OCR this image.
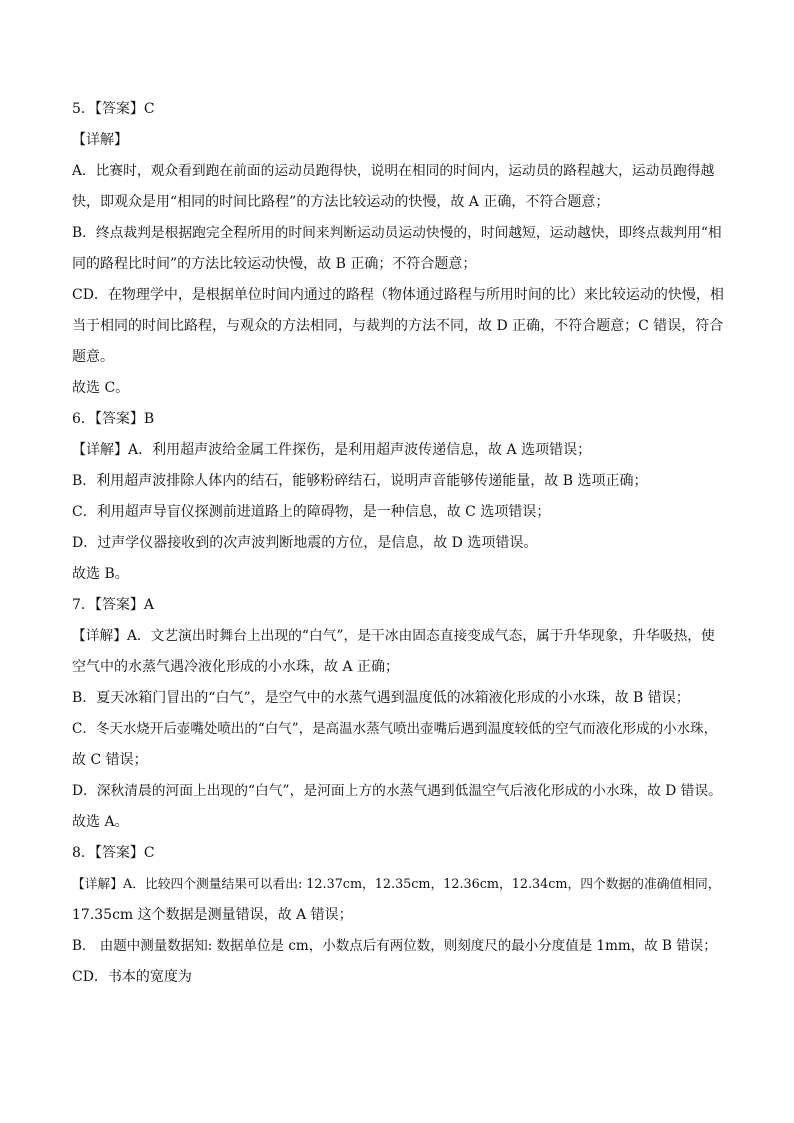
5．【答案】C

【详解】

A．比赛时，观众看到跑在前面的运动员跑得快，说明在相同的时间内，运动员的路程越大，运动员跑得越

快，即观众是用“相同的时间比路程”的方法比较运动的快慢，故 A 正确，不符合题意；

B．终点裁判是根据跑完全程所用的时间来判断运动员运动快慢的，时间越短，运动越快，即终点裁判用“相

同的路程比时间”的方法比较运动快慢，故 B 正确；不符合题意；

CD．在物理学中，是根据单位时间内通过的路程（物体通过路程与所用时间的比）来比较运动的快慢，相

当于相同的时间比路程，与观众的方法相同，与裁判的方法不同，故 D 正确，不符合题意；C 错误，符合

题意。

故选 C。

6．【答案】B

【详解】A．利用超声波给金属工件探伤，是利用超声波传递信息，故 A 选项错误；

B．利用超声波排除人体内的结石，能够粉碎结石，说明声音能够传递能量，故 B 选项正确；

C．利用超声导盲仪探测前进道路上的障碍物，是一种信息，故 C 选项错误；

D．过声学仪器接收到的次声波判断地震的方位，是信息，故 D 选项错误。

故选 B。

7．【答案】A

【详解】A．文艺演出时舞台上出现的“白气”，是干冰由固态直接变成气态，属于升华现象，升华吸热，使

空气中的水蒸气遇冷液化形成的小水珠，故 A 正确；

B．夏天冰箱门冒出的“白气”，是空气中的水蒸气遇到温度低的冰箱液化形成的小水珠，故 B 错误；

C．冬天水烧开后壶嘴处喷出的“白气”，是高温水蒸气喷出壶嘴后遇到温度较低的空气而液化形成的小水珠，

故 C 错误；

D．深秋清晨的河面上出现的“白气”，是河面上方的水蒸气遇到低温空气后液化形成的小水珠，故 D 错误。

故选 A。

8．【答案】C

【详解】A．比较四个测量结果可以看出: 12.37cm，12.35cm，12.36cm，12.34cm，四个数据的准确值相同，

17.35cm 这个数据是测量错误，故 A 错误；

B． 由题中测量数据知: 数据单位是 cm，小数点后有两位数，则刻度尺的最小分度值是 1mm，故 B 错误；

CD．书本的宽度为
